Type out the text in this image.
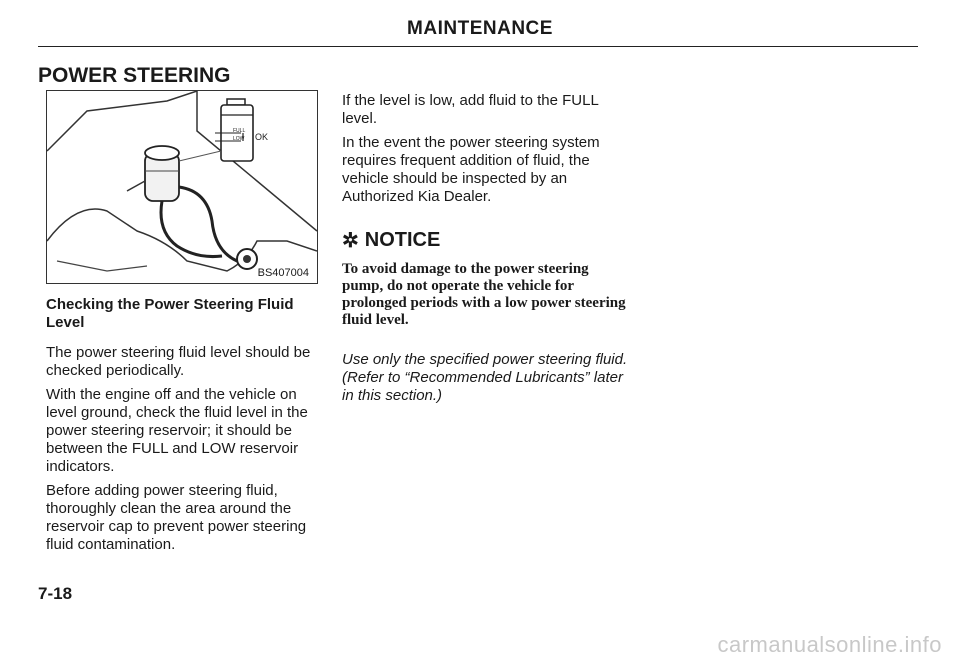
MAINTENANCE
POWER STEERING
FULL
LOW OK
BS407004
Checking the Power Steering Fluid Level

The power steering fluid level should be checked periodically.

With the engine off and the vehicle on level ground, check the fluid level in the power steering reservoir; it should be between the FULL and LOW reservoir indicators.

Before adding power steering fluid, thoroughly clean the area around the reservoir cap to prevent power steering fluid contamination.

If the level is low, add fluid to the FULL level.

In the event the power steering system requires frequent addition of fluid, the vehicle should be inspected by an Authorized Kia Dealer.

✲ NOTICE

To avoid damage to the power steering pump, do not operate the vehicle for prolonged periods with a low power steering fluid level.

Use only the specified power steering fluid. (Refer to “Recommended Lubricants” later in this section.)

7-18
carmanualsonline.info
